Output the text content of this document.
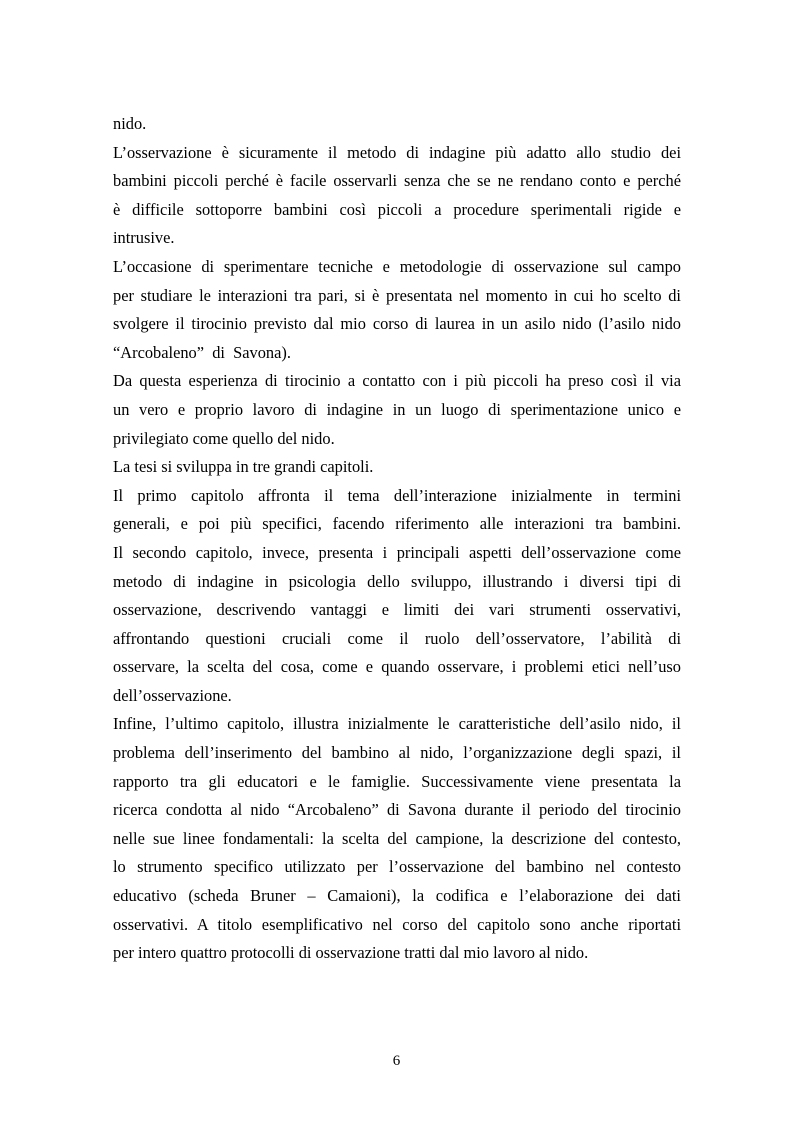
nido.
L’osservazione è sicuramente il metodo di indagine più adatto allo studio dei
bambini piccoli perché è facile osservarli senza che se ne rendano conto e perché
è difficile sottoporre bambini così piccoli a procedure sperimentali rigide e
intrusive.
L’occasione di sperimentare tecniche e metodologie di osservazione sul campo
per studiare le interazioni tra pari, si è presentata nel momento in cui ho scelto di
svolgere il tirocinio previsto dal mio corso di laurea in un asilo nido (l’asilo nido
“Arcobaleno”  di  Savona).
Da questa esperienza di tirocinio a contatto con i più piccoli ha preso così il via
un vero e proprio lavoro di indagine in un luogo di sperimentazione unico e
privilegiato come quello del nido.
La tesi si sviluppa in tre grandi capitoli.
Il primo capitolo affronta il tema dell’interazione inizialmente in termini
generali, e poi più specifici, facendo riferimento alle interazioni tra bambini.
Il secondo capitolo, invece, presenta i principali aspetti dell’osservazione come
metodo di indagine in psicologia dello sviluppo, illustrando i diversi tipi di
osservazione, descrivendo vantaggi e limiti dei vari strumenti osservativi,
affrontando questioni cruciali come il ruolo dell’osservatore, l’abilità di
osservare, la scelta del cosa, come e quando osservare, i problemi etici nell’uso
dell’osservazione.
Infine, l’ultimo capitolo, illustra inizialmente le caratteristiche dell’asilo nido, il
problema dell’inserimento del bambino al nido, l’organizzazione degli spazi, il
rapporto tra gli educatori e le famiglie. Successivamente viene presentata la
ricerca condotta al nido “Arcobaleno” di Savona durante il periodo del tirocinio
nelle sue linee fondamentali: la scelta del campione, la descrizione del contesto,
lo strumento specifico utilizzato per l’osservazione del bambino nel contesto
educativo (scheda Bruner – Camaioni), la codifica e l’elaborazione dei dati
osservativi. A titolo esemplificativo nel corso del capitolo sono anche riportati
per intero quattro protocolli di osservazione tratti dal mio lavoro al nido.
6
